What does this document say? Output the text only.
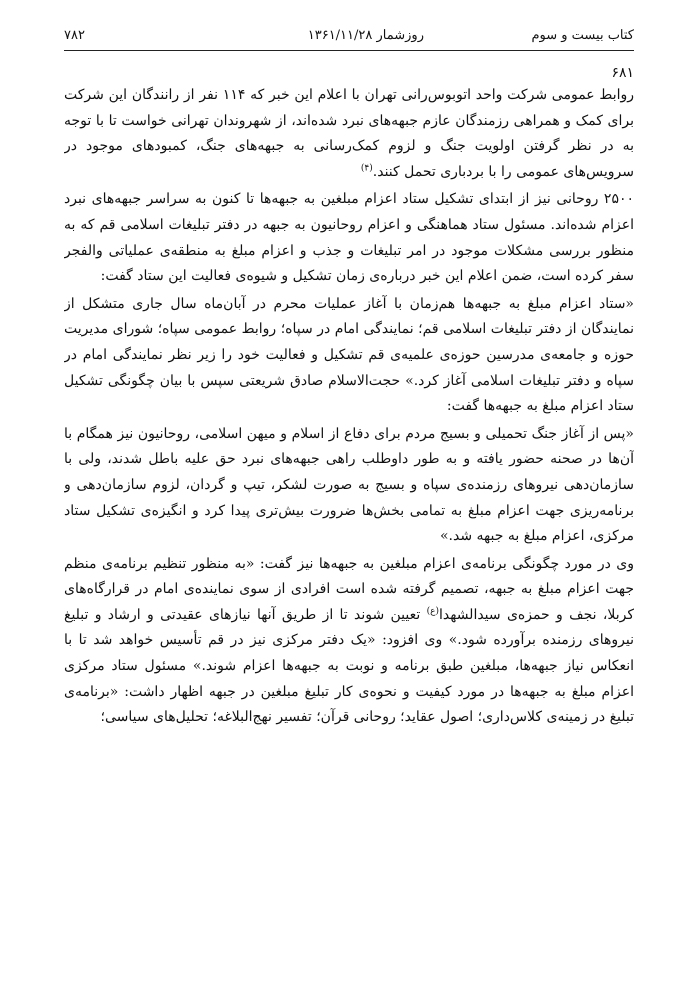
کتاب بیست و سوم
روزشمار ۱۳۶۱/۱۱/۲۸
۷۸۲
۶۸۱

روابط عمومی شرکت واحد اتوبوس‌رانی تهران با اعلام این خبر که ۱۱۴ نفر از رانندگان این شرکت برای کمک و همراهی رزمندگان عازم جبهه‌های نبرد شده‌اند، از شهروندان تهرانی خواست تا با توجه به در نظر گرفتن اولویت جنگ و لزوم کمک‌رسانی به جبهه‌های جنگ، کمبودهای موجود در سرویس‌های عمومی را با بردباری تحمل کنند.$^{(۴)}$

۲۵۰۰ روحانی نیز از ابتدای تشکیل ستاد اعزام مبلغین به جبهه‌ها تا کنون به سراسر جبهه‌های نبرد اعزام شده‌اند. مسئول ستاد هماهنگی و اعزام روحانیون به جبهه در دفتر تبلیغات اسلامی قم که به منظور بررسی مشکلات موجود در امر تبلیغات و جذب و اعزام مبلغ به منطقه‌ی عملیاتی والفجر سفر کرده است، ضمن اعلام این خبر درباره‌ی زمان تشکیل و شیوه‌ی فعالیت این ستاد گفت:

«ستاد اعزام مبلغ به جبهه‌ها هم‌زمان با آغاز عملیات محرم در آبان‌ماه سال جاری متشکل از نمایندگان از دفتر تبلیغات اسلامی قم؛ نمایندگی امام در سپاه؛ روابط عمومی سپاه؛ شورای مدیریت حوزه و جامعه‌ی مدرسین حوزه‌ی علمیه‌ی قم تشکیل و فعالیت خود را زیر نظر نمایندگی امام در سپاه و دفتر تبلیغات اسلامی آغاز کرد.» حجت‌الاسلام صادق شریعتی سپس با بیان چگونگی تشکیل ستاد اعزام مبلغ به جبهه‌ها گفت:

«پس از آغاز جنگ تحمیلی و بسیج مردم برای دفاع از اسلام و میهن اسلامی، روحانیون نیز همگام با آن‌ها در صحنه حضور یافته و به طور داوطلب راهی جبهه‌های نبرد حق علیه باطل شدند، ولی با سازمان‌دهی نیروهای رزمنده‌ی سپاه و بسیج به صورت لشکر، تیپ و گردان، لزوم سازمان‌دهی و برنامه‌ریزی جهت اعزام مبلغ به تمامی بخش‌ها ضرورت بیش‌تری پیدا کرد و انگیزه‌ی تشکیل ستاد مرکزی، اعزام مبلغ به جبهه شد.»

وی در مورد چگونگی برنامه‌ی اعزام مبلغین به جبهه‌ها نیز گفت: «به منظور تنظیم برنامه‌ی منظم جهت اعزام مبلغ به جبهه، تصمیم گرفته شده است افرادی از سوی نماینده‌ی امام در قرارگاه‌های کربلا، نجف و حمزه‌ی سیدالشهدا$^{(ع)}$ تعیین شوند تا از طریق آنها نیازهای عقیدتی و ارشاد و تبلیغ نیروهای رزمنده برآورده شود.» وی افزود: «یک دفتر مرکزی نیز در قم تأسیس خواهد شد تا با انعکاس نیاز جبهه‌ها، مبلغین طبق برنامه و نوبت به جبهه‌ها اعزام شوند.» مسئول ستاد مرکزی اعزام مبلغ به جبهه‌ها در مورد کیفیت و نحوه‌ی کار تبلیغ مبلغین در جبهه اظهار داشت: «برنامه‌ی تبلیغ در زمینه‌ی کلاس‌داری؛ اصول عقاید؛ روحانی قرآن؛ تفسیر نهج‌البلاغه؛ تحلیل‌های سیاسی؛
